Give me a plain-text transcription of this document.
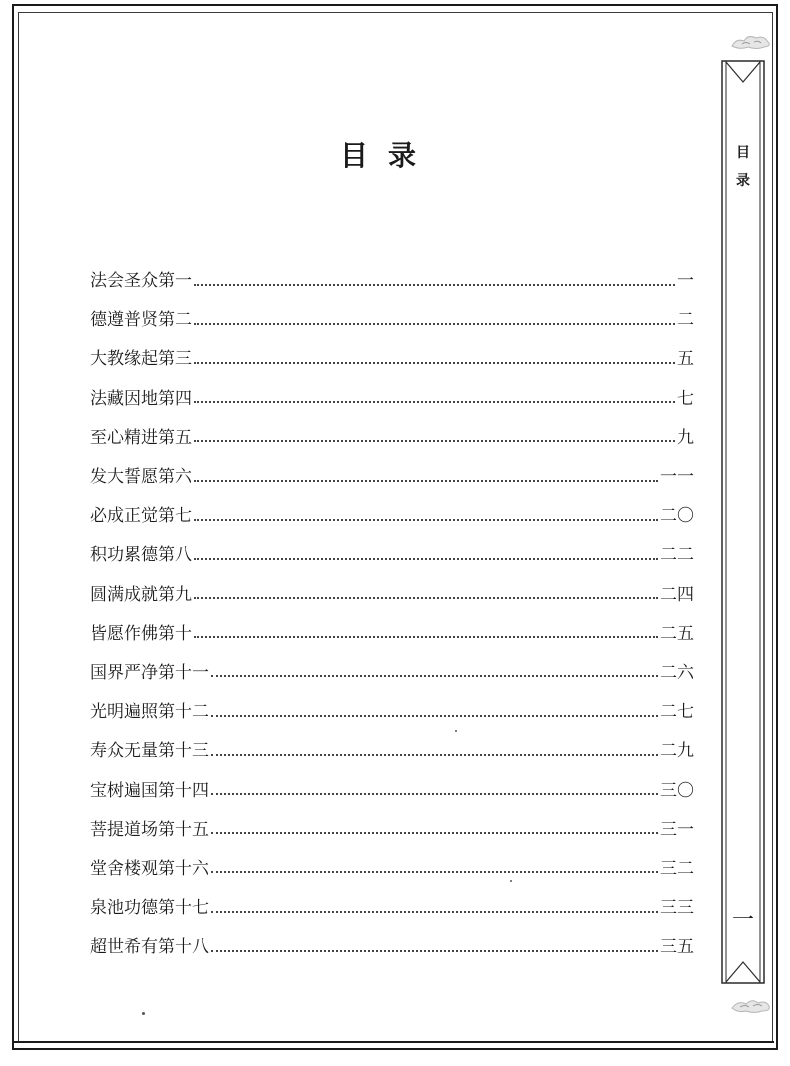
目录
法会圣众第一	一
德遵普贤第二	二
大教缘起第三	五
法藏因地第四	七
至心精进第五	九
发大誓愿第六	一一
必成正觉第七	二〇
积功累德第八	二二
圆满成就第九	二四
皆愿作佛第十	二五
国界严净第十一	二六
光明遍照第十二	二七
寿众无量第十三	二九
宝树遍国第十四	三〇
菩提道场第十五	三一
堂舍楼观第十六	三二
泉池功德第十七	三三
超世希有第十八	三五
目
录
一
